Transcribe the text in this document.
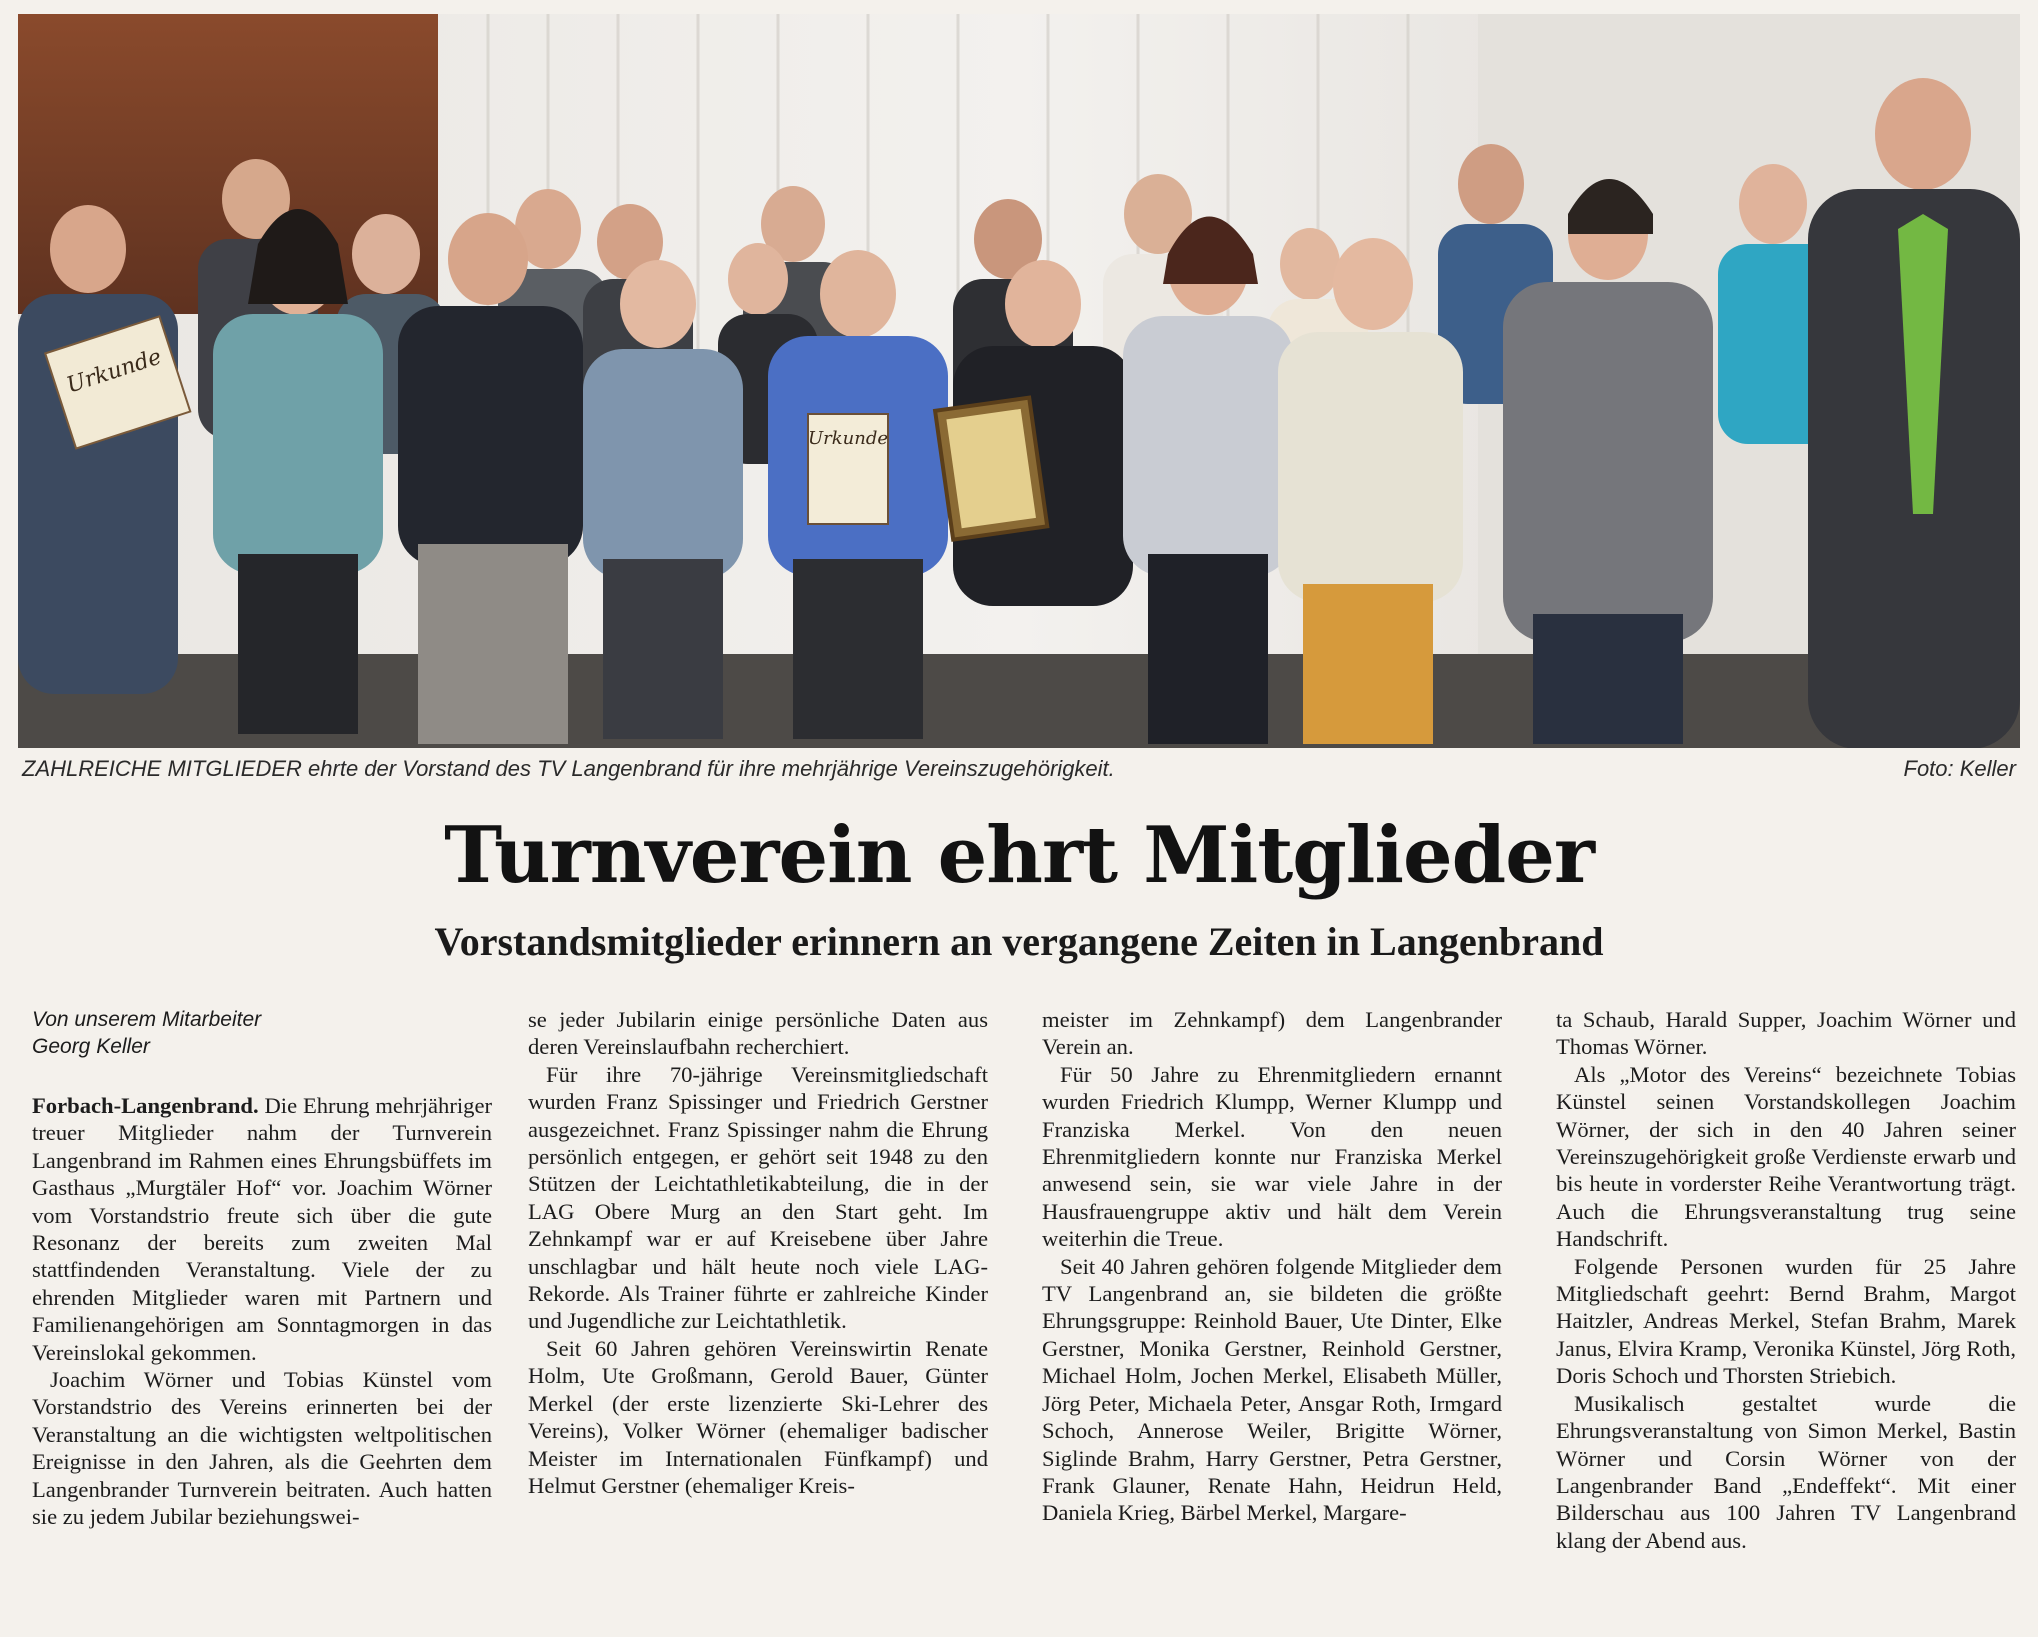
Urkunde
Urkunde
ZAHLREICHE MITGLIEDER ehrte der Vorstand des TV Langenbrand für ihre mehrjährige Vereinszugehörigkeit.	Foto: Keller
Turnverein ehrt Mitglieder
Vorstandsmitglieder erinnern an vergangene Zeiten in Langenbrand
Von unserem Mitarbeiter
Georg Keller

Forbach-Langenbrand. Die Ehrung mehrjähriger treuer Mitglieder nahm der Turnverein Langenbrand im Rahmen eines Ehrungsbüffets im Gasthaus „Murgtäler Hof“ vor. Joachim Wörner vom Vorstandstrio freute sich über die gute Resonanz der bereits zum zweiten Mal stattfindenden Veranstaltung. Viele der zu ehrenden Mitglieder waren mit Partnern und Familienangehörigen am Sonntagmorgen in das Vereinslokal gekommen.

Joachim Wörner und Tobias Künstel vom Vorstandstrio des Vereins erinnerten bei der Veranstaltung an die wichtigsten weltpolitischen Ereignisse in den Jahren, als die Geehrten dem Langenbrander Turnverein beitraten. Auch hatten sie zu jedem Jubilar beziehungswei-

se jeder Jubilarin einige persönliche Daten aus deren Vereinslaufbahn recherchiert.

Für ihre 70-jährige Vereinsmitgliedschaft wurden Franz Spissinger und Friedrich Gerstner ausgezeichnet. Franz Spissinger nahm die Ehrung persönlich entgegen, er gehört seit 1948 zu den Stützen der Leichtathletikabteilung, die in der LAG Obere Murg an den Start geht. Im Zehnkampf war er auf Kreisebene über Jahre unschlagbar und hält heute noch viele LAG-Rekorde. Als Trainer führte er zahlreiche Kinder und Jugendliche zur Leichtathletik.

Seit 60 Jahren gehören Vereinswirtin Renate Holm, Ute Großmann, Gerold Bauer, Günter Merkel (der erste lizenzierte Ski-Lehrer des Vereins), Volker Wörner (ehemaliger badischer Meister im Internationalen Fünfkampf) und Helmut Gerstner (ehemaliger Kreis-

meister im Zehnkampf) dem Langenbrander Verein an.

Für 50 Jahre zu Ehrenmitgliedern ernannt wurden Friedrich Klumpp, Werner Klumpp und Franziska Merkel. Von den neuen Ehrenmitgliedern konnte nur Franziska Merkel anwesend sein, sie war viele Jahre in der Hausfrauengruppe aktiv und hält dem Verein weiterhin die Treue.

Seit 40 Jahren gehören folgende Mitglieder dem TV Langenbrand an, sie bildeten die größte Ehrungsgruppe: Reinhold Bauer, Ute Dinter, Elke Gerstner, Monika Gerstner, Reinhold Gerstner, Michael Holm, Jochen Merkel, Elisabeth Müller, Jörg Peter, Michaela Peter, Ansgar Roth, Irmgard Schoch, Annerose Weiler, Brigitte Wörner, Siglinde Brahm, Harry Gerstner, Petra Gerstner, Frank Glauner, Renate Hahn, Heidrun Held, Daniela Krieg, Bärbel Merkel, Margare-

ta Schaub, Harald Supper, Joachim Wörner und Thomas Wörner.

Als „Motor des Vereins“ bezeichnete Tobias Künstel seinen Vorstandskollegen Joachim Wörner, der sich in den 40 Jahren seiner Vereinszugehörigkeit große Verdienste erwarb und bis heute in vorderster Reihe Verantwortung trägt. Auch die Ehrungsveranstaltung trug seine Handschrift.

Folgende Personen wurden für 25 Jahre Mitgliedschaft geehrt: Bernd Brahm, Margot Haitzler, Andreas Merkel, Stefan Brahm, Marek Janus, Elvira Kramp, Veronika Künstel, Jörg Roth, Doris Schoch und Thorsten Striebich.

Musikalisch gestaltet wurde die Ehrungsveranstaltung von Simon Merkel, Bastin Wörner und Corsin Wörner von der Langenbrander Band „Endeffekt“. Mit einer Bilderschau aus 100 Jahren TV Langenbrand klang der Abend aus.
